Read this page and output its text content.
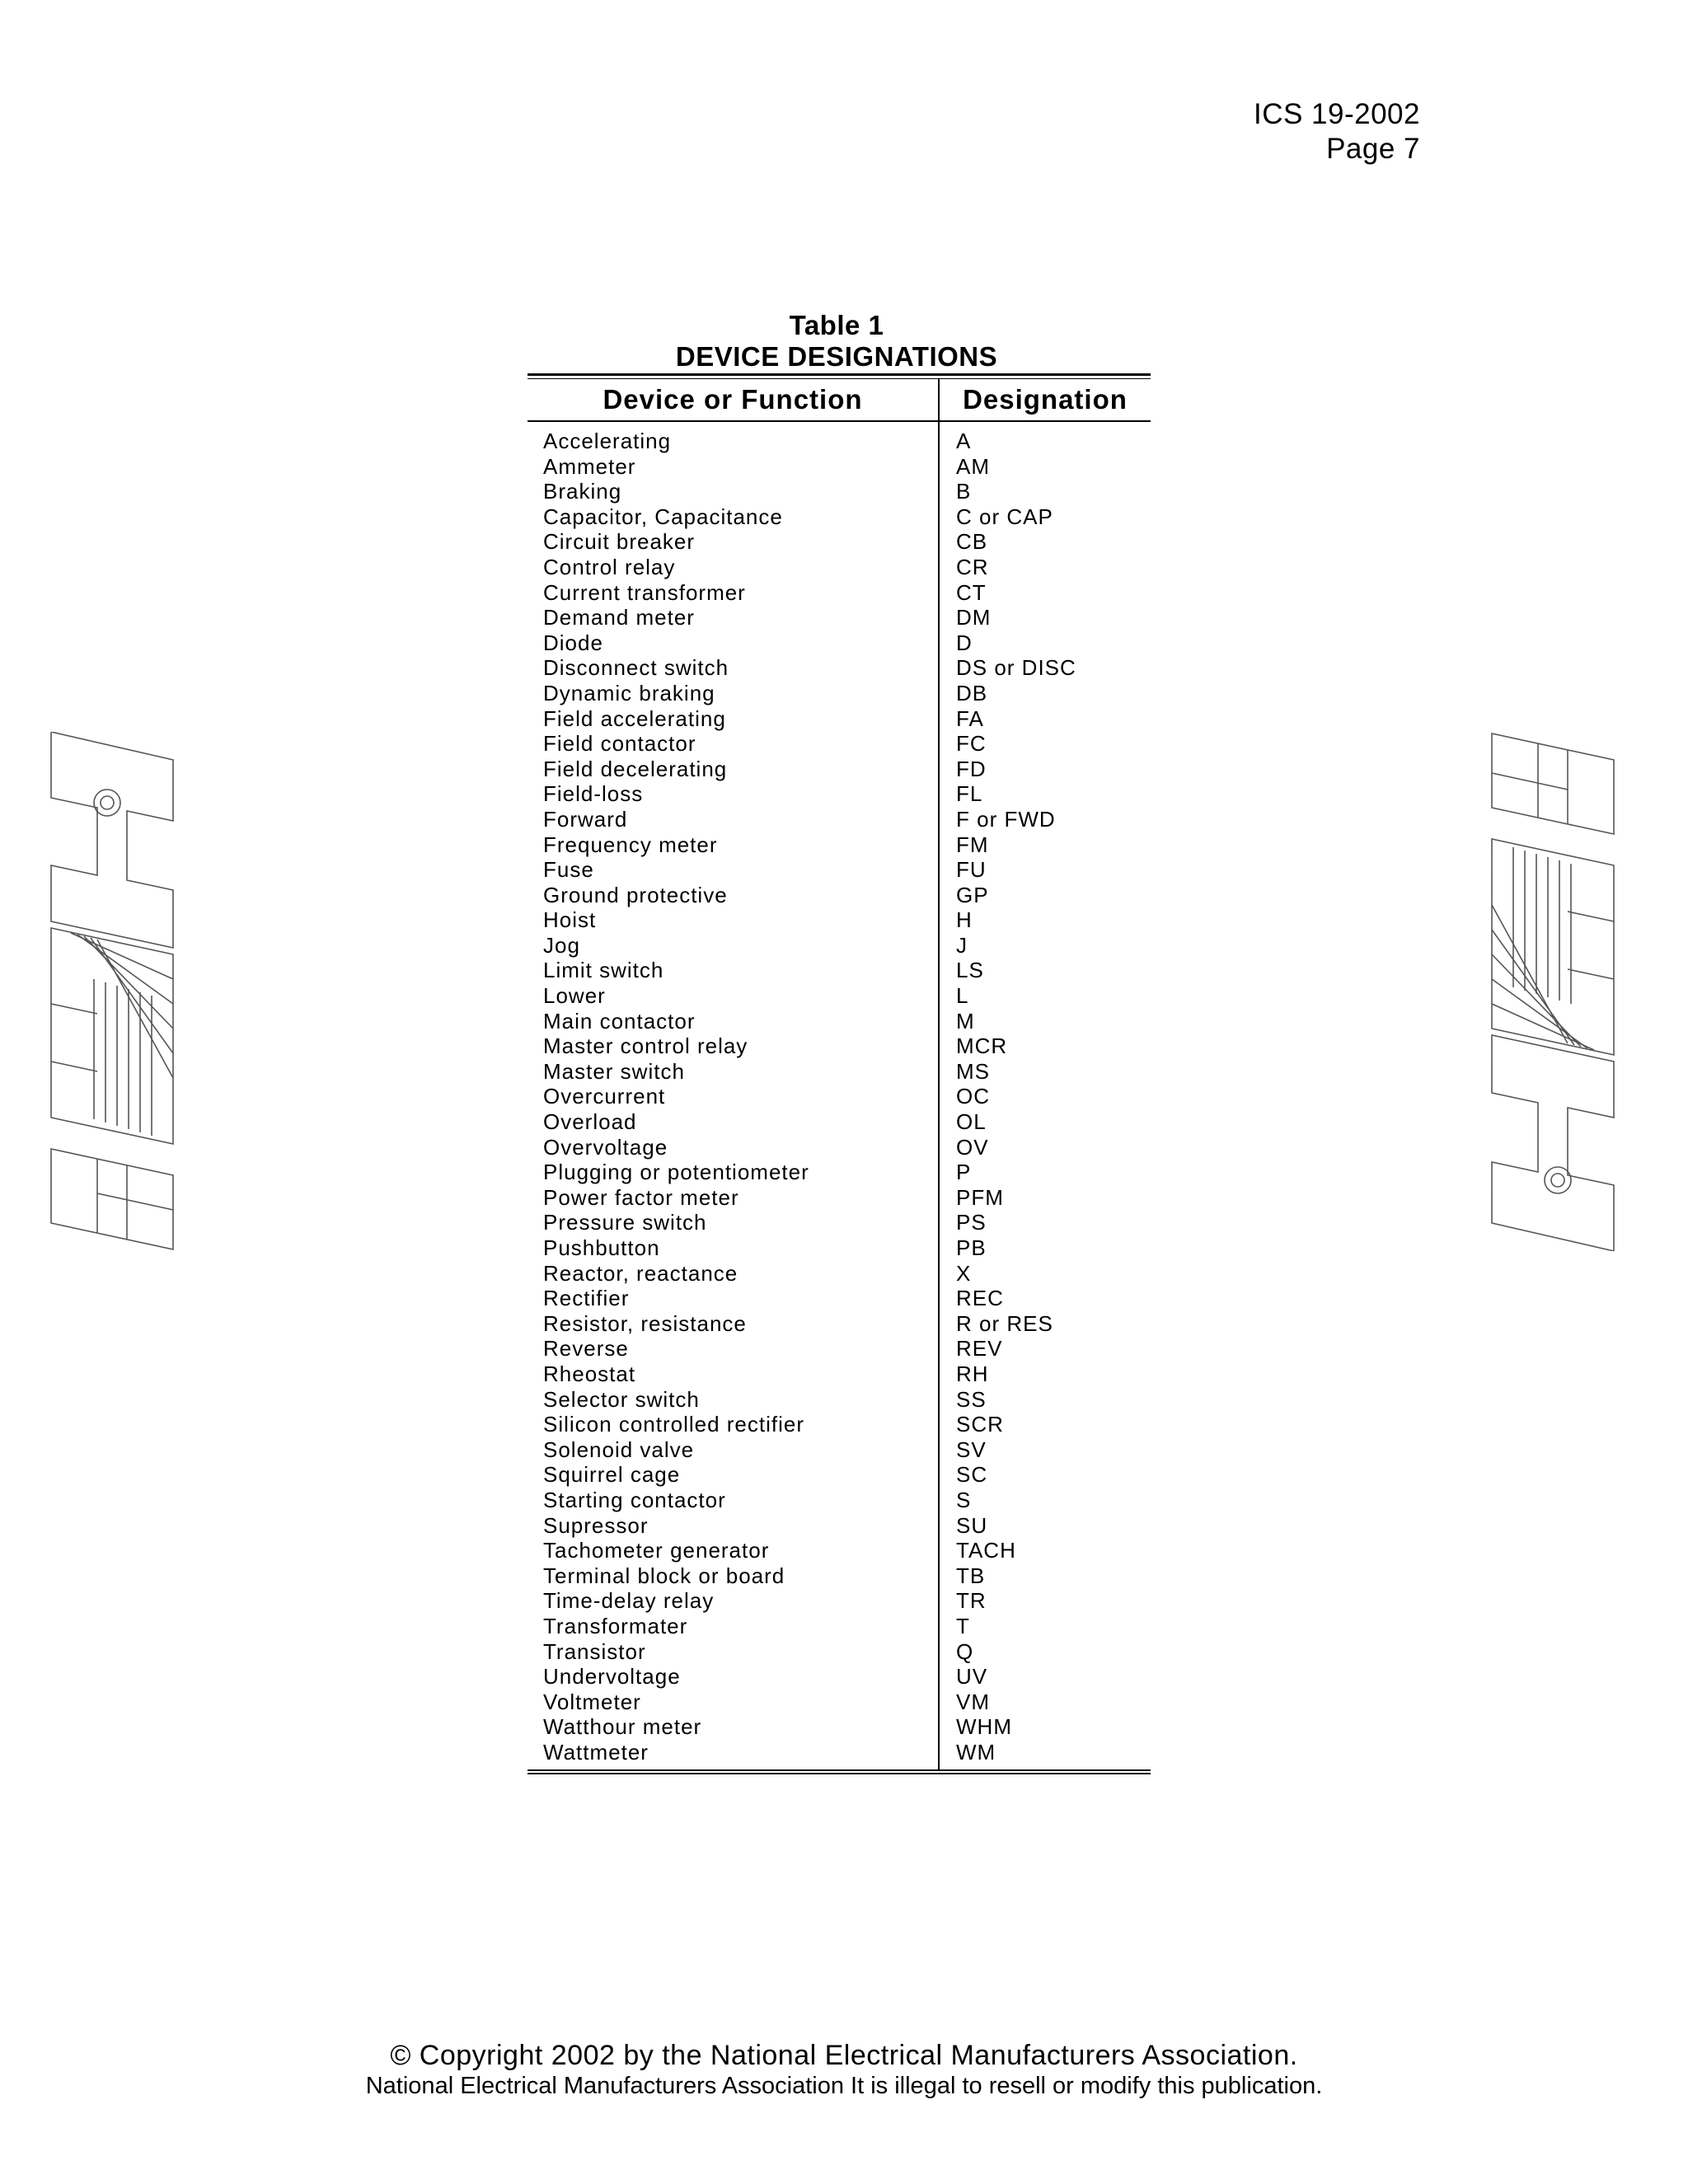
ICS 19-2002
Page 7
Table 1
DEVICE DESIGNATIONS
Device or Function	Designation
Accelerating
Ammeter
Braking
Capacitor, Capacitance
Circuit breaker
Control relay
Current transformer
Demand meter
Diode
Disconnect switch
Dynamic braking
Field accelerating
Field contactor
Field decelerating
Field-loss
Forward
Frequency meter
Fuse
Ground protective
Hoist
Jog
Limit switch
Lower
Main contactor
Master control relay
Master switch
Overcurrent
Overload
Overvoltage
Plugging or potentiometer
Power factor meter
Pressure switch
Pushbutton
Reactor, reactance
Rectifier
Resistor, resistance
Reverse
Rheostat
Selector switch
Silicon controlled rectifier
Solenoid valve
Squirrel cage
Starting contactor
Supressor
Tachometer generator
Terminal block or board
Time-delay relay
Transformater
Transistor
Undervoltage
Voltmeter
Watthour meter
Wattmeter
A
AM
B
C or CAP
CB
CR
CT
DM
D
DS or DISC
DB
FA
FC
FD
FL
F or FWD
FM
FU
GP
H
J
LS
L
M
MCR
MS
OC
OL
OV
P
PFM
PS
PB
X
REC
R or RES
REV
RH
SS
SCR
SV
SC
S
SU
TACH
TB
TR
T
Q
UV
VM
WHM
WM
© Copyright 2002 by the National Electrical Manufacturers Association.
National Electrical Manufacturers Association It is illegal to resell or modify this publication.
